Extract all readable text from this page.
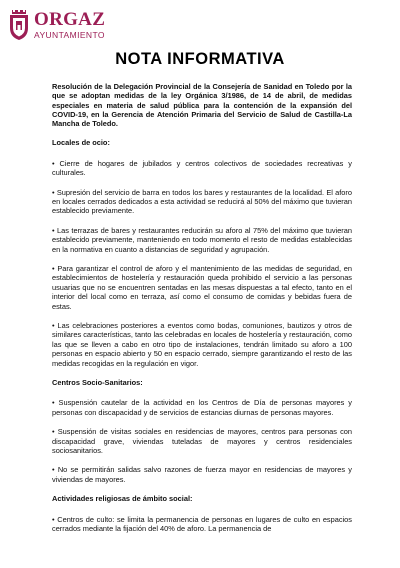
ORGAZ
AYUNTAMIENTO
NOTA INFORMATIVA

Resolución de la Delegación Provincial de la Consejería de Sanidad en Toledo por la que se adoptan medidas de la ley Orgánica 3/1986, de 14 de abril, de medidas especiales en materia de salud pública para la contención de la expansión del COVID-19, en la Gerencia de Atención Primaria del Servicio de Salud de Castilla-La Mancha de Toledo.

Locales de ocio:

• Cierre de hogares de jubilados y centros colectivos de sociedades recreativas y culturales.

• Supresión del servicio de barra en todos los bares y restaurantes de la localidad. El aforo en locales cerrados dedicados a esta actividad se reducirá al 50% del máximo que tuvieran establecido previamente.

• Las terrazas de bares y restaurantes reducirán su aforo al 75% del máximo que tuvieran establecido previamente, manteniendo en todo momento el resto de medidas establecidas en la normativa en cuanto a distancias de seguridad y agrupación.

• Para garantizar el control de aforo y el mantenimiento de las medidas de seguridad, en establecimientos de hostelería y restauración queda prohibido el servicio a las personas usuarias que no se encuentren sentadas en las mesas dispuestas a tal efecto, tanto en el interior del local como en terraza, así como el consumo de comidas y bebidas fuera de estas.

• Las celebraciones posteriores a eventos como bodas, comuniones, bautizos y otros de similares características, tanto las celebradas en locales de hostelería y restauración, como las que se lleven a cabo en otro tipo de instalaciones, tendrán limitado su aforo a 100 personas en espacio abierto y 50 en espacio cerrado, siempre garantizando el resto de las medidas recogidas en la regulación en vigor.

Centros Socio-Sanitarios:

• Suspensión cautelar de la actividad en los Centros de Día de personas mayores y personas con discapacidad y de servicios de estancias diurnas de personas mayores.

• Suspensión de visitas sociales en residencias de mayores, centros para personas con discapacidad grave, viviendas tuteladas de mayores y centros residenciales sociosanitarios.

• No se permitirán salidas salvo razones de fuerza mayor en residencias de mayores y viviendas de mayores.

Actividades religiosas de ámbito social:

• Centros de culto: se limita la permanencia de personas en lugares de culto en espacios cerrados mediante la fijación del 40% de aforo. La permanencia de
